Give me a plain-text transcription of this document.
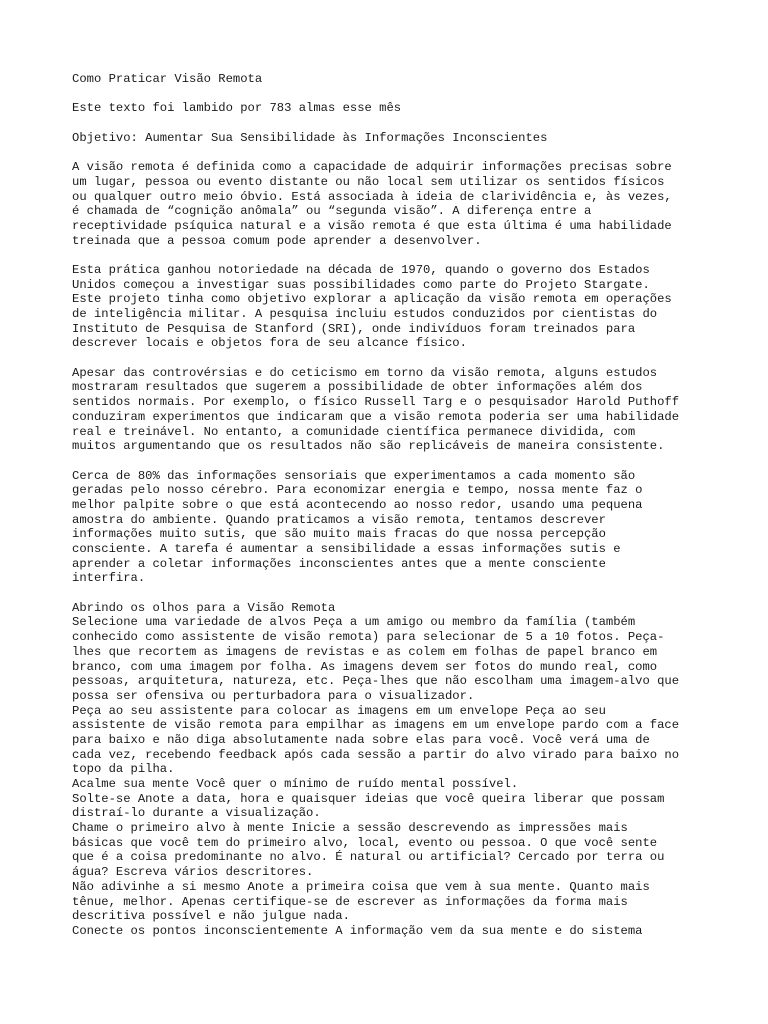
Como Praticar Visão Remota
Este texto foi lambido por 783 almas esse mês
Objetivo: Aumentar Sua Sensibilidade às Informações Inconscientes
A visão remota é definida como a capacidade de adquirir informações precisas sobre
um lugar, pessoa ou evento distante ou não local sem utilizar os sentidos físicos
ou qualquer outro meio óbvio. Está associada à ideia de clarividência e, às vezes,
é chamada de “cognição anômala” ou “segunda visão”. A diferença entre a
receptividade psíquica natural e a visão remota é que esta última é uma habilidade
treinada que a pessoa comum pode aprender a desenvolver.
Esta prática ganhou notoriedade na década de 1970, quando o governo dos Estados
Unidos começou a investigar suas possibilidades como parte do Projeto Stargate.
Este projeto tinha como objetivo explorar a aplicação da visão remota em operações
de inteligência militar. A pesquisa incluiu estudos conduzidos por cientistas do
Instituto de Pesquisa de Stanford (SRI), onde indivíduos foram treinados para
descrever locais e objetos fora de seu alcance físico.
Apesar das controvérsias e do ceticismo em torno da visão remota, alguns estudos
mostraram resultados que sugerem a possibilidade de obter informações além dos
sentidos normais. Por exemplo, o físico Russell Targ e o pesquisador Harold Puthoff
conduziram experimentos que indicaram que a visão remota poderia ser uma habilidade
real e treinável. No entanto, a comunidade científica permanece dividida, com
muitos argumentando que os resultados não são replicáveis de maneira consistente.
Cerca de 80% das informações sensoriais que experimentamos a cada momento são
geradas pelo nosso cérebro. Para economizar energia e tempo, nossa mente faz o
melhor palpite sobre o que está acontecendo ao nosso redor, usando uma pequena
amostra do ambiente. Quando praticamos a visão remota, tentamos descrever
informações muito sutis, que são muito mais fracas do que nossa percepção
consciente. A tarefa é aumentar a sensibilidade a essas informações sutis e
aprender a coletar informações inconscientes antes que a mente consciente
interfira.
Abrindo os olhos para a Visão Remota
Selecione uma variedade de alvos Peça a um amigo ou membro da família (também
conhecido como assistente de visão remota) para selecionar de 5 a 10 fotos. Peça-
lhes que recortem as imagens de revistas e as colem em folhas de papel branco em
branco, com uma imagem por folha. As imagens devem ser fotos do mundo real, como
pessoas, arquitetura, natureza, etc. Peça-lhes que não escolham uma imagem-alvo que
possa ser ofensiva ou perturbadora para o visualizador.
Peça ao seu assistente para colocar as imagens em um envelope Peça ao seu
assistente de visão remota para empilhar as imagens em um envelope pardo com a face
para baixo e não diga absolutamente nada sobre elas para você. Você verá uma de
cada vez, recebendo feedback após cada sessão a partir do alvo virado para baixo no
topo da pilha.
Acalme sua mente Você quer o mínimo de ruído mental possível.
Solte-se Anote a data, hora e quaisquer ideias que você queira liberar que possam
distraí-lo durante a visualização.
Chame o primeiro alvo à mente Inicie a sessão descrevendo as impressões mais
básicas que você tem do primeiro alvo, local, evento ou pessoa. O que você sente
que é a coisa predominante no alvo. É natural ou artificial? Cercado por terra ou
água? Escreva vários descritores.
Não adivinhe a si mesmo Anote a primeira coisa que vem à sua mente. Quanto mais
tênue, melhor. Apenas certifique-se de escrever as informações da forma mais
descritiva possível e não julgue nada.
Conecte os pontos inconscientemente A informação vem da sua mente e do sistema
